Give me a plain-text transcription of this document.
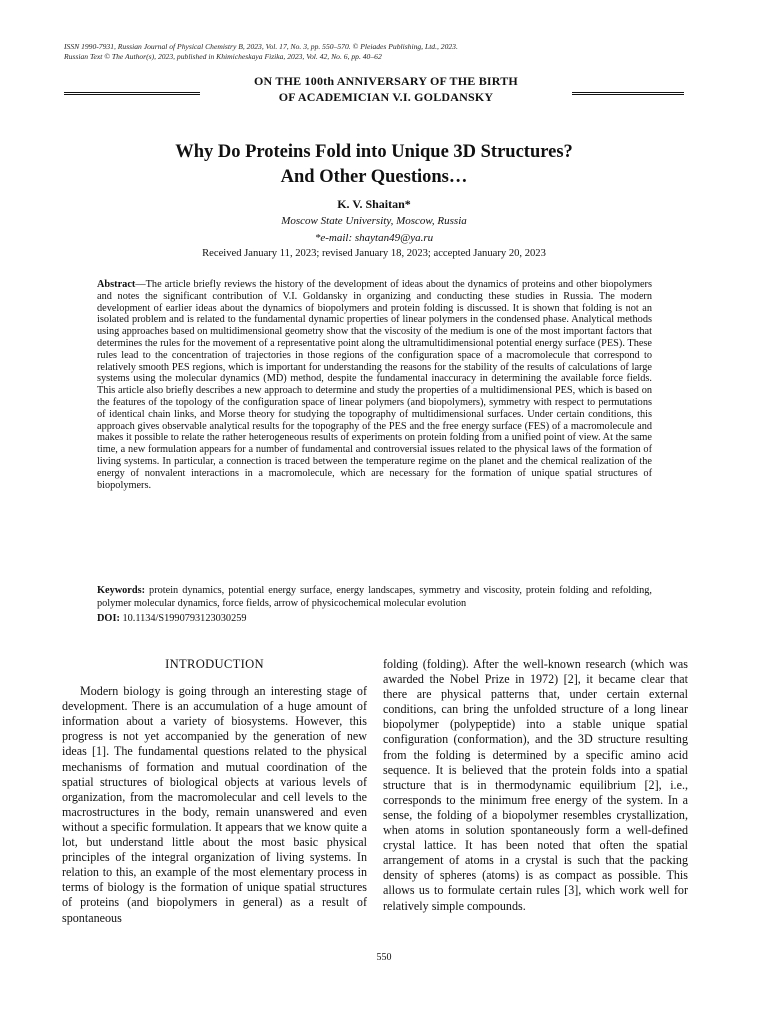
ISSN 1990-7931, Russian Journal of Physical Chemistry B, 2023, Vol. 17, No. 3, pp. 550–570. © Pleiades Publishing, Ltd., 2023.
Russian Text © The Author(s), 2023, published in Khimicheskaya Fizika, 2023, Vol. 42, No. 6, pp. 40–62
ON THE 100th ANNIVERSARY OF THE BIRTH
OF ACADEMICIAN V.I. GOLDANSKY
Why Do Proteins Fold into Unique 3D Structures?
And Other Questions…
K. V. Shaitan*
Moscow State University, Moscow, Russia
*e-mail: shaytan49@ya.ru
Received January 11, 2023; revised January 18, 2023; accepted January 20, 2023
Abstract—The article briefly reviews the history of the development of ideas about the dynamics of proteins and other biopolymers and notes the significant contribution of V.I. Goldansky in organizing and conducting these studies in Russia. The modern development of earlier ideas about the dynamics of biopolymers and protein folding is discussed. It is shown that folding is not an isolated problem and is related to the fundamental dynamic properties of linear polymers in the condensed phase. Analytical methods using approaches based on multidimensional geometry show that the viscosity of the medium is one of the most important factors that determines the rules for the movement of a representative point along the ultramultidimensional potential energy surface (PES). These rules lead to the concentration of trajectories in those regions of the configuration space of a macromolecule that correspond to relatively smooth PES regions, which is important for understanding the reasons for the stability of the results of calculations of large systems using the molecular dynamics (MD) method, despite the fundamental inaccuracy in determining the available force fields. This article also briefly describes a new approach to determine and study the properties of a multidimensional PES, which is based on the features of the topology of the configuration space of linear polymers (and biopolymers), symmetry with respect to permutations of identical chain links, and Morse theory for studying the topography of multidimensional surfaces. Under certain conditions, this approach gives observable analytical results for the topography of the PES and the free energy surface (FES) of a macromolecule and makes it possible to relate the rather heterogeneous results of experiments on protein folding from a unified point of view. At the same time, a new formulation appears for a number of fundamental and controversial issues related to the physical laws of the formation of living systems. In particular, a connection is traced between the temperature regime on the planet and the chemical realization of the energy of nonvalent interactions in a macromolecule, which are necessary for the formation of unique spatial structures of biopolymers.
Keywords: protein dynamics, potential energy surface, energy landscapes, symmetry and viscosity, protein folding and refolding, polymer molecular dynamics, force fields, arrow of physicochemical molecular evolution
DOI: 10.1134/S1990793123030259
INTRODUCTION

Modern biology is going through an interesting stage of development. There is an accumulation of a huge amount of information about a variety of biosystems. However, this progress is not yet accompanied by the generation of new ideas [1]. The fundamental questions related to the physical mechanisms of formation and mutual coordination of the spatial structures of biological objects at various levels of organization, from the macromolecular and cell levels to the macrostructures in the body, remain unanswered and even without a specific formulation. It appears that we know quite a lot, but understand little about the most basic physical principles of the integral organization of living systems. In relation to this, an example of the most elementary process in terms of biology is the formation of unique spatial structures of proteins (and biopolymers in general) as a result of spontaneous

folding (folding). After the well-known research (which was awarded the Nobel Prize in 1972) [2], it became clear that there are physical patterns that, under certain external conditions, can bring the unfolded structure of a long linear biopolymer (polypeptide) into a stable unique spatial configuration (conformation), and the 3D structure resulting from the folding is determined by a specific amino acid sequence. It is believed that the protein folds into a spatial structure that is in thermodynamic equilibrium [2], i.e., corresponds to the minimum free energy of the system. In a sense, the folding of a biopolymer resembles crystallization, when atoms in solution spontaneously form a well-defined crystal lattice. It has been noted that often the spatial arrangement of atoms in a crystal is such that the packing density of spheres (atoms) is as compact as possible. This allows us to formulate certain rules [3], which work well for relatively simple compounds.

550
